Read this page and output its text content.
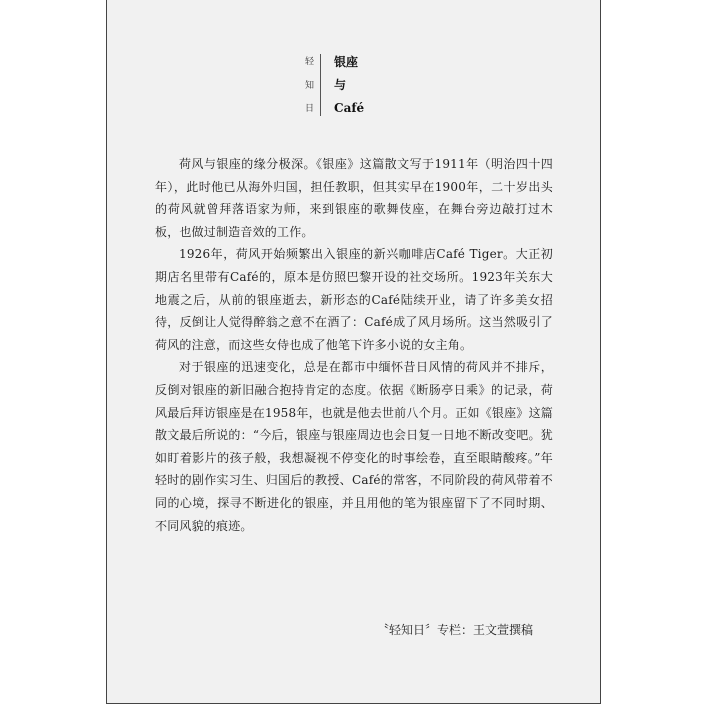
轻
知
日
银座
与
Café

荷风与银座的缘分极深。《银座》这篇散文写于1911年（明治四十四年），此时他已从海外归国，担任教职，但其实早在1900年，二十岁出头的荷风就曾拜落语家为师，来到银座的歌舞伎座，在舞台旁边敲打过木板，也做过制造音效的工作。

1926年，荷风开始频繁出入银座的新兴咖啡店Café Tiger。大正初期店名里带有Café的，原本是仿照巴黎开设的社交场所。1923年关东大地震之后，从前的银座逝去，新形态的Café陆续开业，请了许多美女招待，反倒让人觉得醉翁之意不在酒了：Café成了风月场所。这当然吸引了荷风的注意，而这些女侍也成了他笔下许多小说的女主角。

对于银座的迅速变化，总是在都市中缅怀昔日风情的荷风并不排斥，反倒对银座的新旧融合抱持肯定的态度。依据《断肠亭日乘》的记录，荷风最后拜访银座是在1958年，也就是他去世前八个月。正如《银座》这篇散文最后所说的：“今后，银座与银座周边也会日复一日地不断改变吧。犹如盯着影片的孩子般，我想凝视不停变化的时事绘卷，直至眼睛酸疼。”年轻时的剧作实习生、归国后的教授、Café的常客，不同阶段的荷风带着不同的心境，探寻不断进化的银座，并且用他的笔为银座留下了不同时期、不同风貌的痕迹。

〝轻知日〞专栏：王文萱撰稿
